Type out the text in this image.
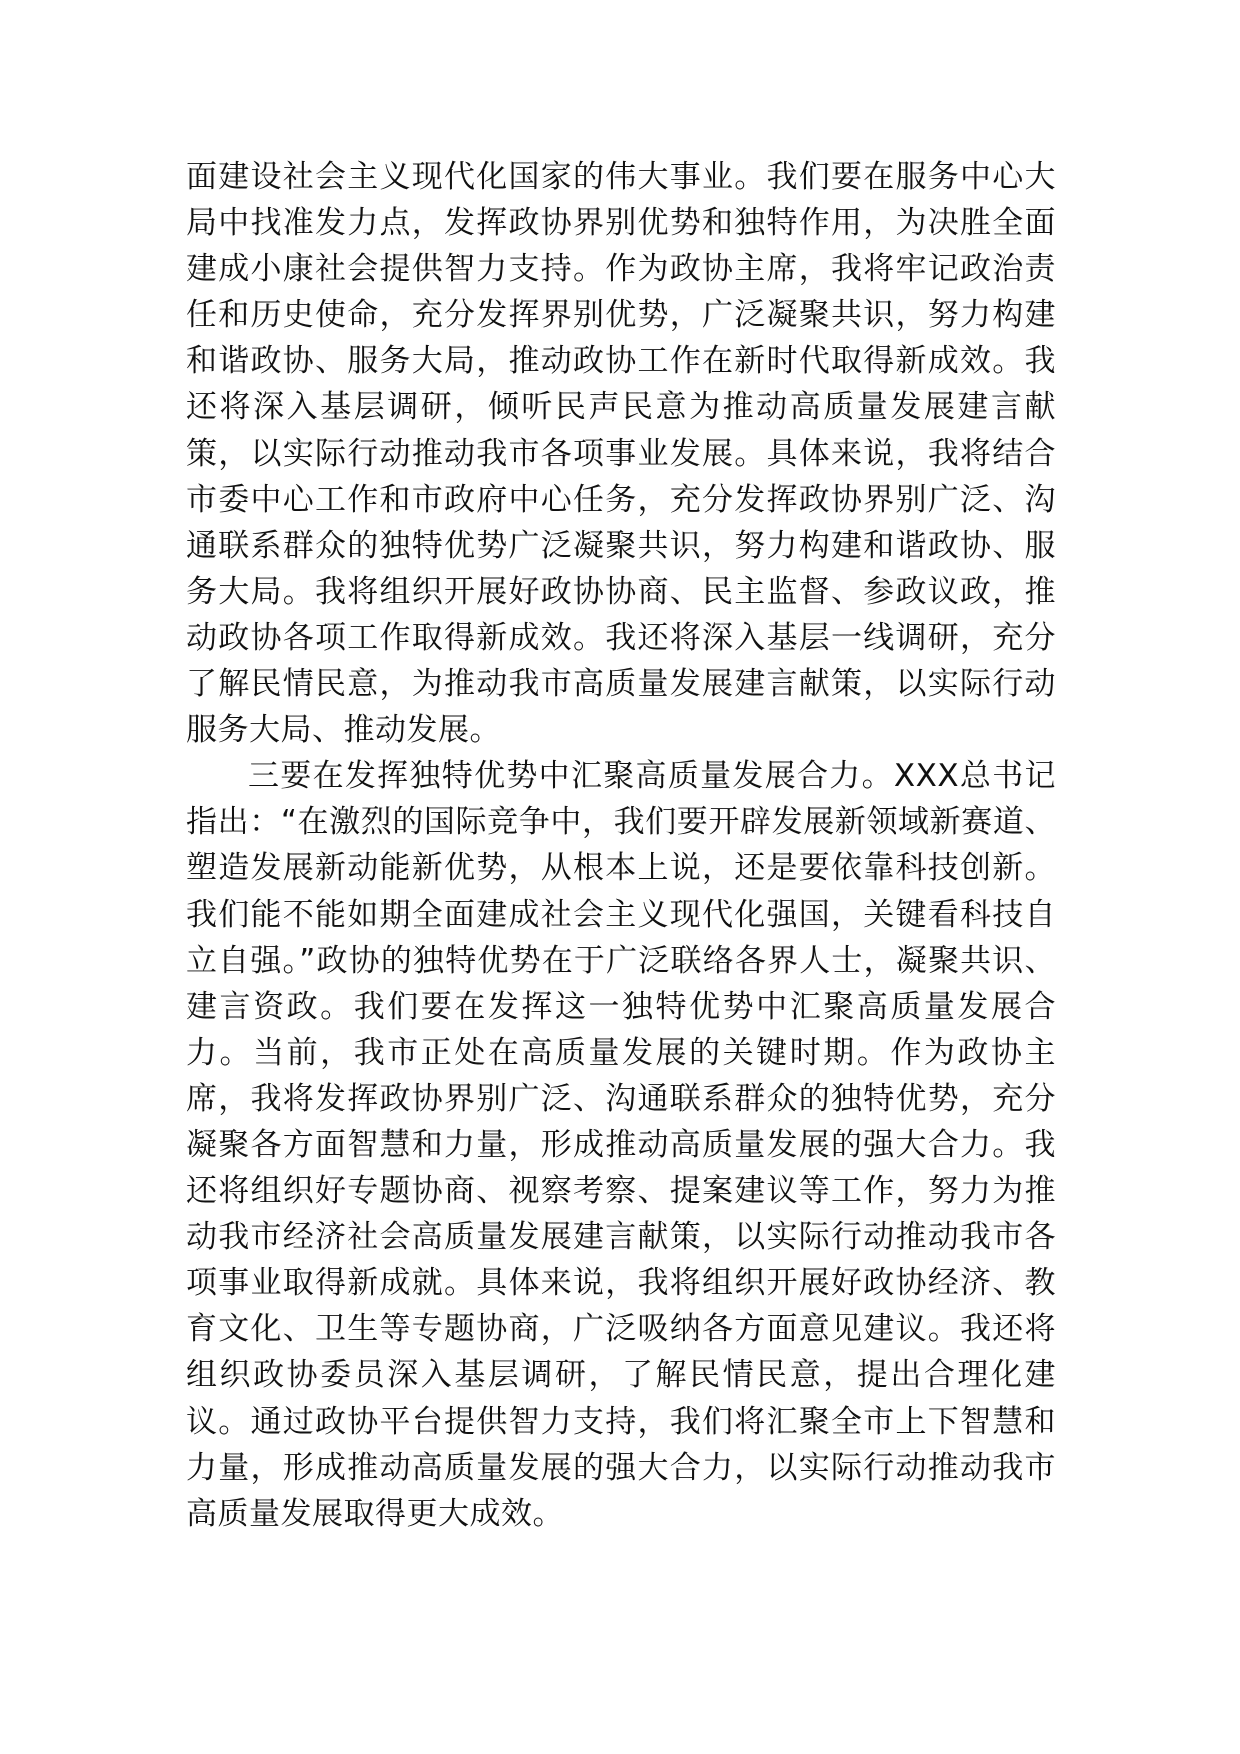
面建设社会主义现代化国家的伟大事业。我们要在服务中心大局中找准发力点，发挥政协界别优势和独特作用，为决胜全面建成小康社会提供智力支持。作为政协主席，我将牢记政治责任和历史使命，充分发挥界别优势，广泛凝聚共识，努力构建和谐政协、服务大局，推动政协工作在新时代取得新成效。我还将深入基层调研，倾听民声民意为推动高质量发展建言献策，以实际行动推动我市各项事业发展。具体来说，我将结合市委中心工作和市政府中心任务，充分发挥政协界别广泛、沟通联系群众的独特优势广泛凝聚共识，努力构建和谐政协、服务大局。我将组织开展好政协协商、民主监督、参政议政，推动政协各项工作取得新成效。我还将深入基层一线调研，充分了解民情民意，为推动我市高质量发展建言献策，以实际行动服务大局、推动发展。

三要在发挥独特优势中汇聚高质量发展合力。XXX总书记指出：“在激烈的国际竞争中，我们要开辟发展新领域新赛道、塑造发展新动能新优势，从根本上说，还是要依靠科技创新。我们能不能如期全面建成社会主义现代化强国，关键看科技自立自强。”政协的独特优势在于广泛联络各界人士，凝聚共识、建言资政。我们要在发挥这一独特优势中汇聚高质量发展合力。当前，我市正处在高质量发展的关键时期。作为政协主席，我将发挥政协界别广泛、沟通联系群众的独特优势，充分凝聚各方面智慧和力量，形成推动高质量发展的强大合力。我还将组织好专题协商、视察考察、提案建议等工作，努力为推动我市经济社会高质量发展建言献策，以实际行动推动我市各项事业取得新成就。具体来说，我将组织开展好政协经济、教育文化、卫生等专题协商，广泛吸纳各方面意见建议。我还将组织政协委员深入基层调研，了解民情民意，提出合理化建议。通过政协平台提供智力支持，我们将汇聚全市上下智慧和力量，形成推动高质量发展的强大合力，以实际行动推动我市高质量发展取得更大成效。
